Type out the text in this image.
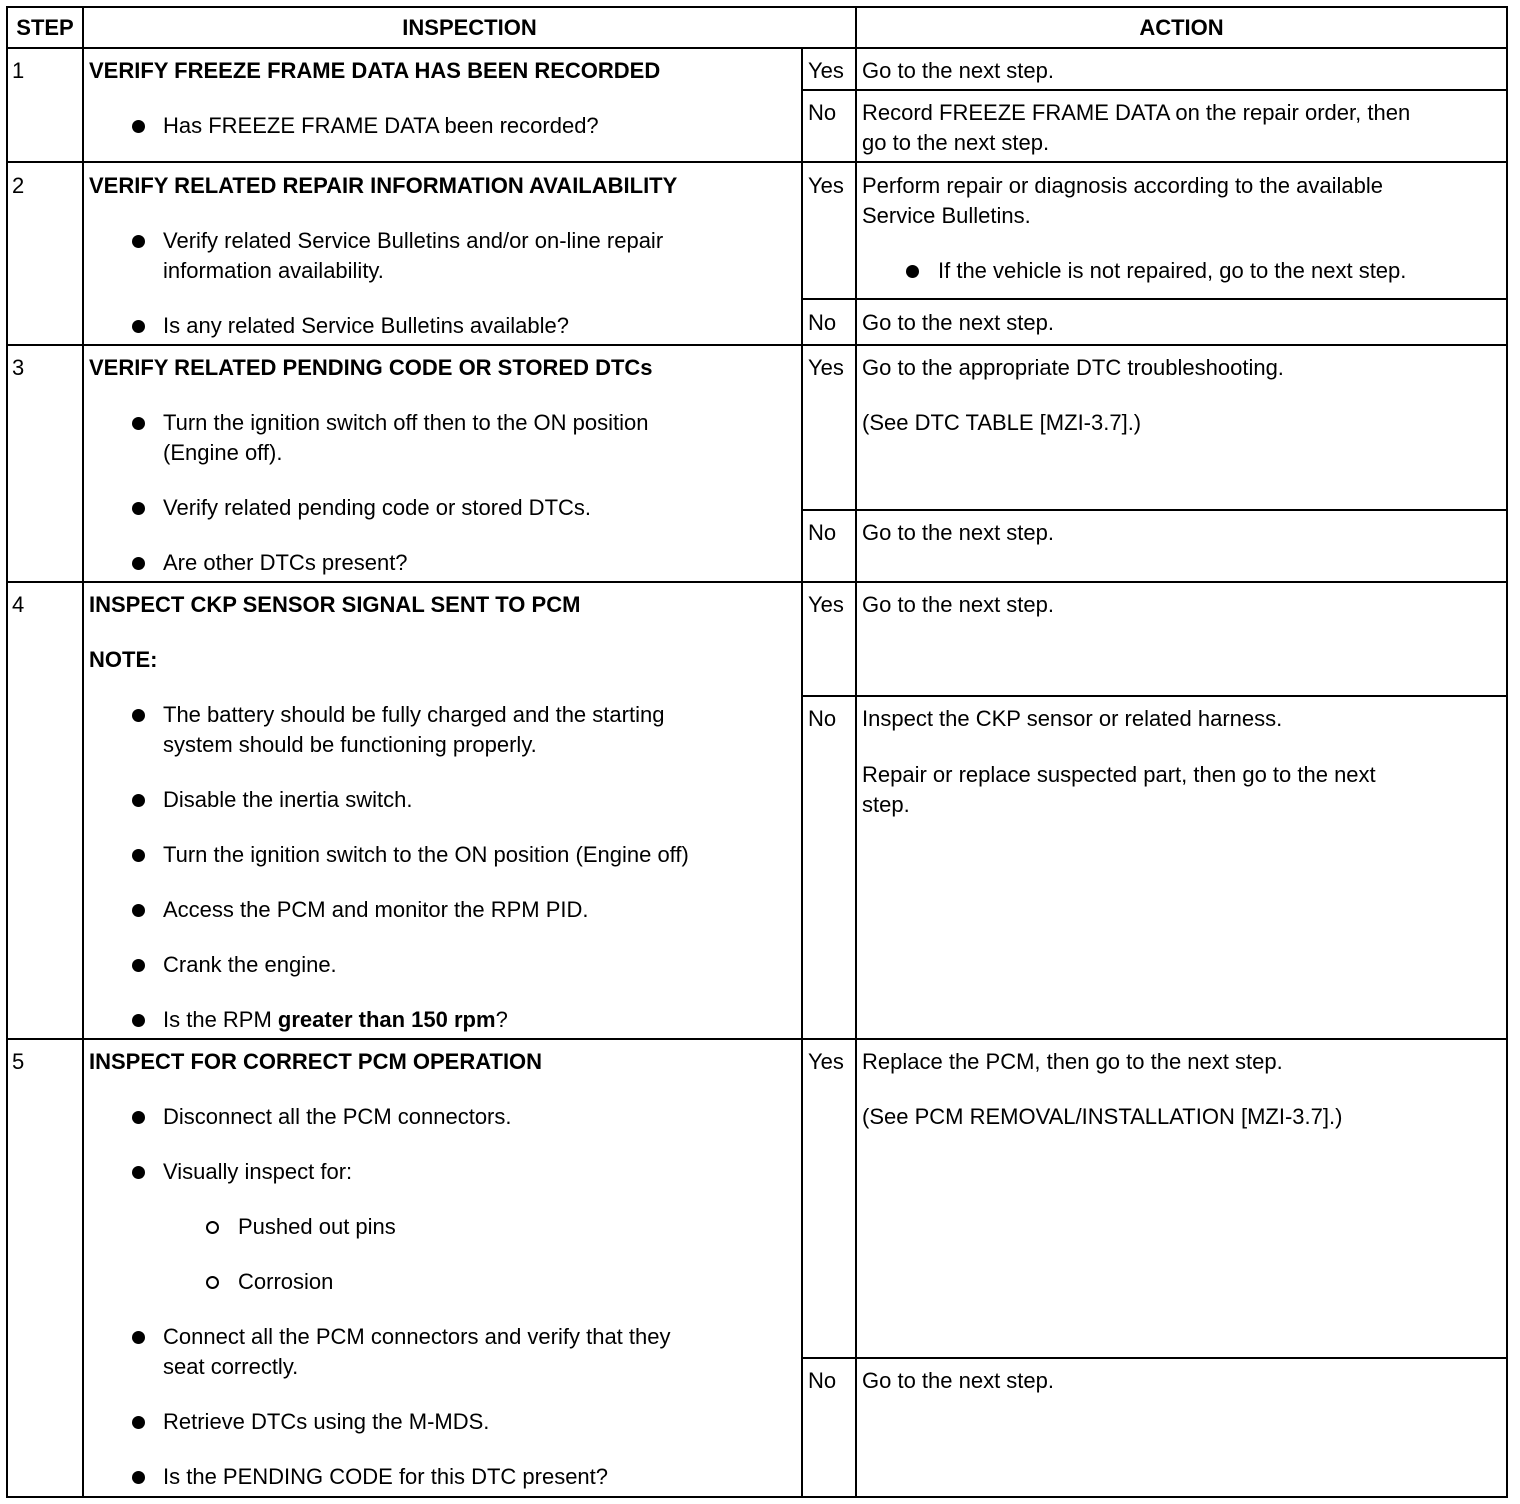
STEP	INSPECTION	ACTION
1	VERIFY FREEZE FRAME DATA HAS BEEN RECORDED
Has FREEZE FRAME DATA been recorded?
Yes Go to the next step.
No Record FREEZE FRAME DATA on the repair order, then
go to the next step.
2	VERIFY RELATED REPAIR INFORMATION AVAILABILITY
Verify related Service Bulletins and/or on-line repair
information availability.
Is any related Service Bulletins available?
Yes Perform repair or diagnosis according to the available
Service Bulletins.
If the vehicle is not repaired, go to the next step.
No Go to the next step.
3	VERIFY RELATED PENDING CODE OR STORED DTCs
Turn the ignition switch off then to the ON position
(Engine off).
Verify related pending code or stored DTCs.
Are other DTCs present?
Yes Go to the appropriate DTC troubleshooting.
(See DTC TABLE [MZI-3.7].)
No Go to the next step.
4	INSPECT CKP SENSOR SIGNAL SENT TO PCM
NOTE:
The battery should be fully charged and the starting
system should be functioning properly.
Disable the inertia switch.
Turn the ignition switch to the ON position (Engine off)
Access the PCM and monitor the RPM PID.
Crank the engine.
Is the RPM greater than 150 rpm?
Yes Go to the next step.
No Inspect the CKP sensor or related harness.
Repair or replace suspected part, then go to the next
step.
5	INSPECT FOR CORRECT PCM OPERATION
Disconnect all the PCM connectors.
Visually inspect for:
Pushed out pins
Corrosion
Connect all the PCM connectors and verify that they
seat correctly.
Retrieve DTCs using the M-MDS.
Is the PENDING CODE for this DTC present?
Yes Replace the PCM, then go to the next step.
(See PCM REMOVAL/INSTALLATION [MZI-3.7].)
No Go to the next step.
